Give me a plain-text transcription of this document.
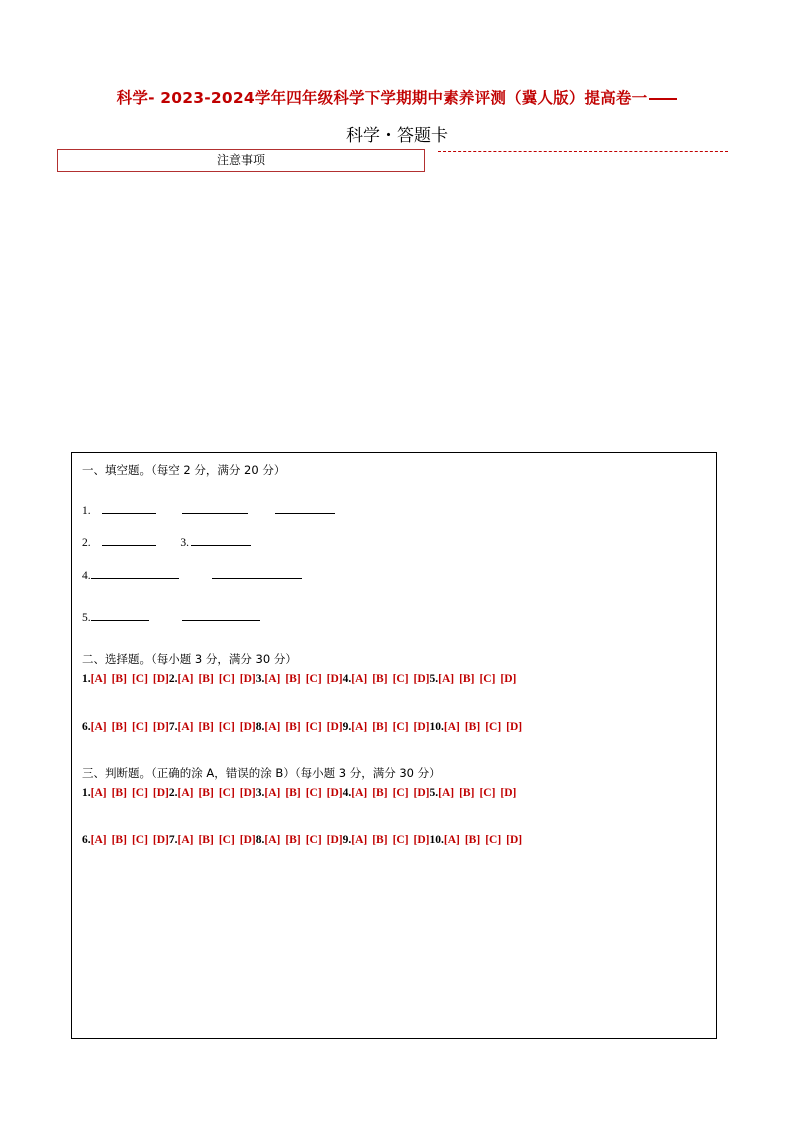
科学- 2023-2024学年四年级科学下学期期中素养评测（冀人版）提高卷一
科学・答题卡
注意事项
一、填空题。（每空 2 分，满分 20 分）
1.
2.	3.
4.
5.
二、选择题。（每小题 3 分，满分 30 分）
1.[A] [B] [C] [D]2.[A] [B] [C] [D]3.[A] [B] [C] [D]4.[A] [B] [C] [D]5.[A] [B] [C] [D]
6.[A] [B] [C] [D]7.[A] [B] [C] [D]8.[A] [B] [C] [D]9.[A] [B] [C] [D]10.[A] [B] [C] [D]
三、判断题。（正确的涂 A，错误的涂 B）（每小题 3 分，满分 30 分）
1.[A] [B] [C] [D]2.[A] [B] [C] [D]3.[A] [B] [C] [D]4.[A] [B] [C] [D]5.[A] [B] [C] [D]
6.[A] [B] [C] [D]7.[A] [B] [C] [D]8.[A] [B] [C] [D]9.[A] [B] [C] [D]10.[A] [B] [C] [D]
